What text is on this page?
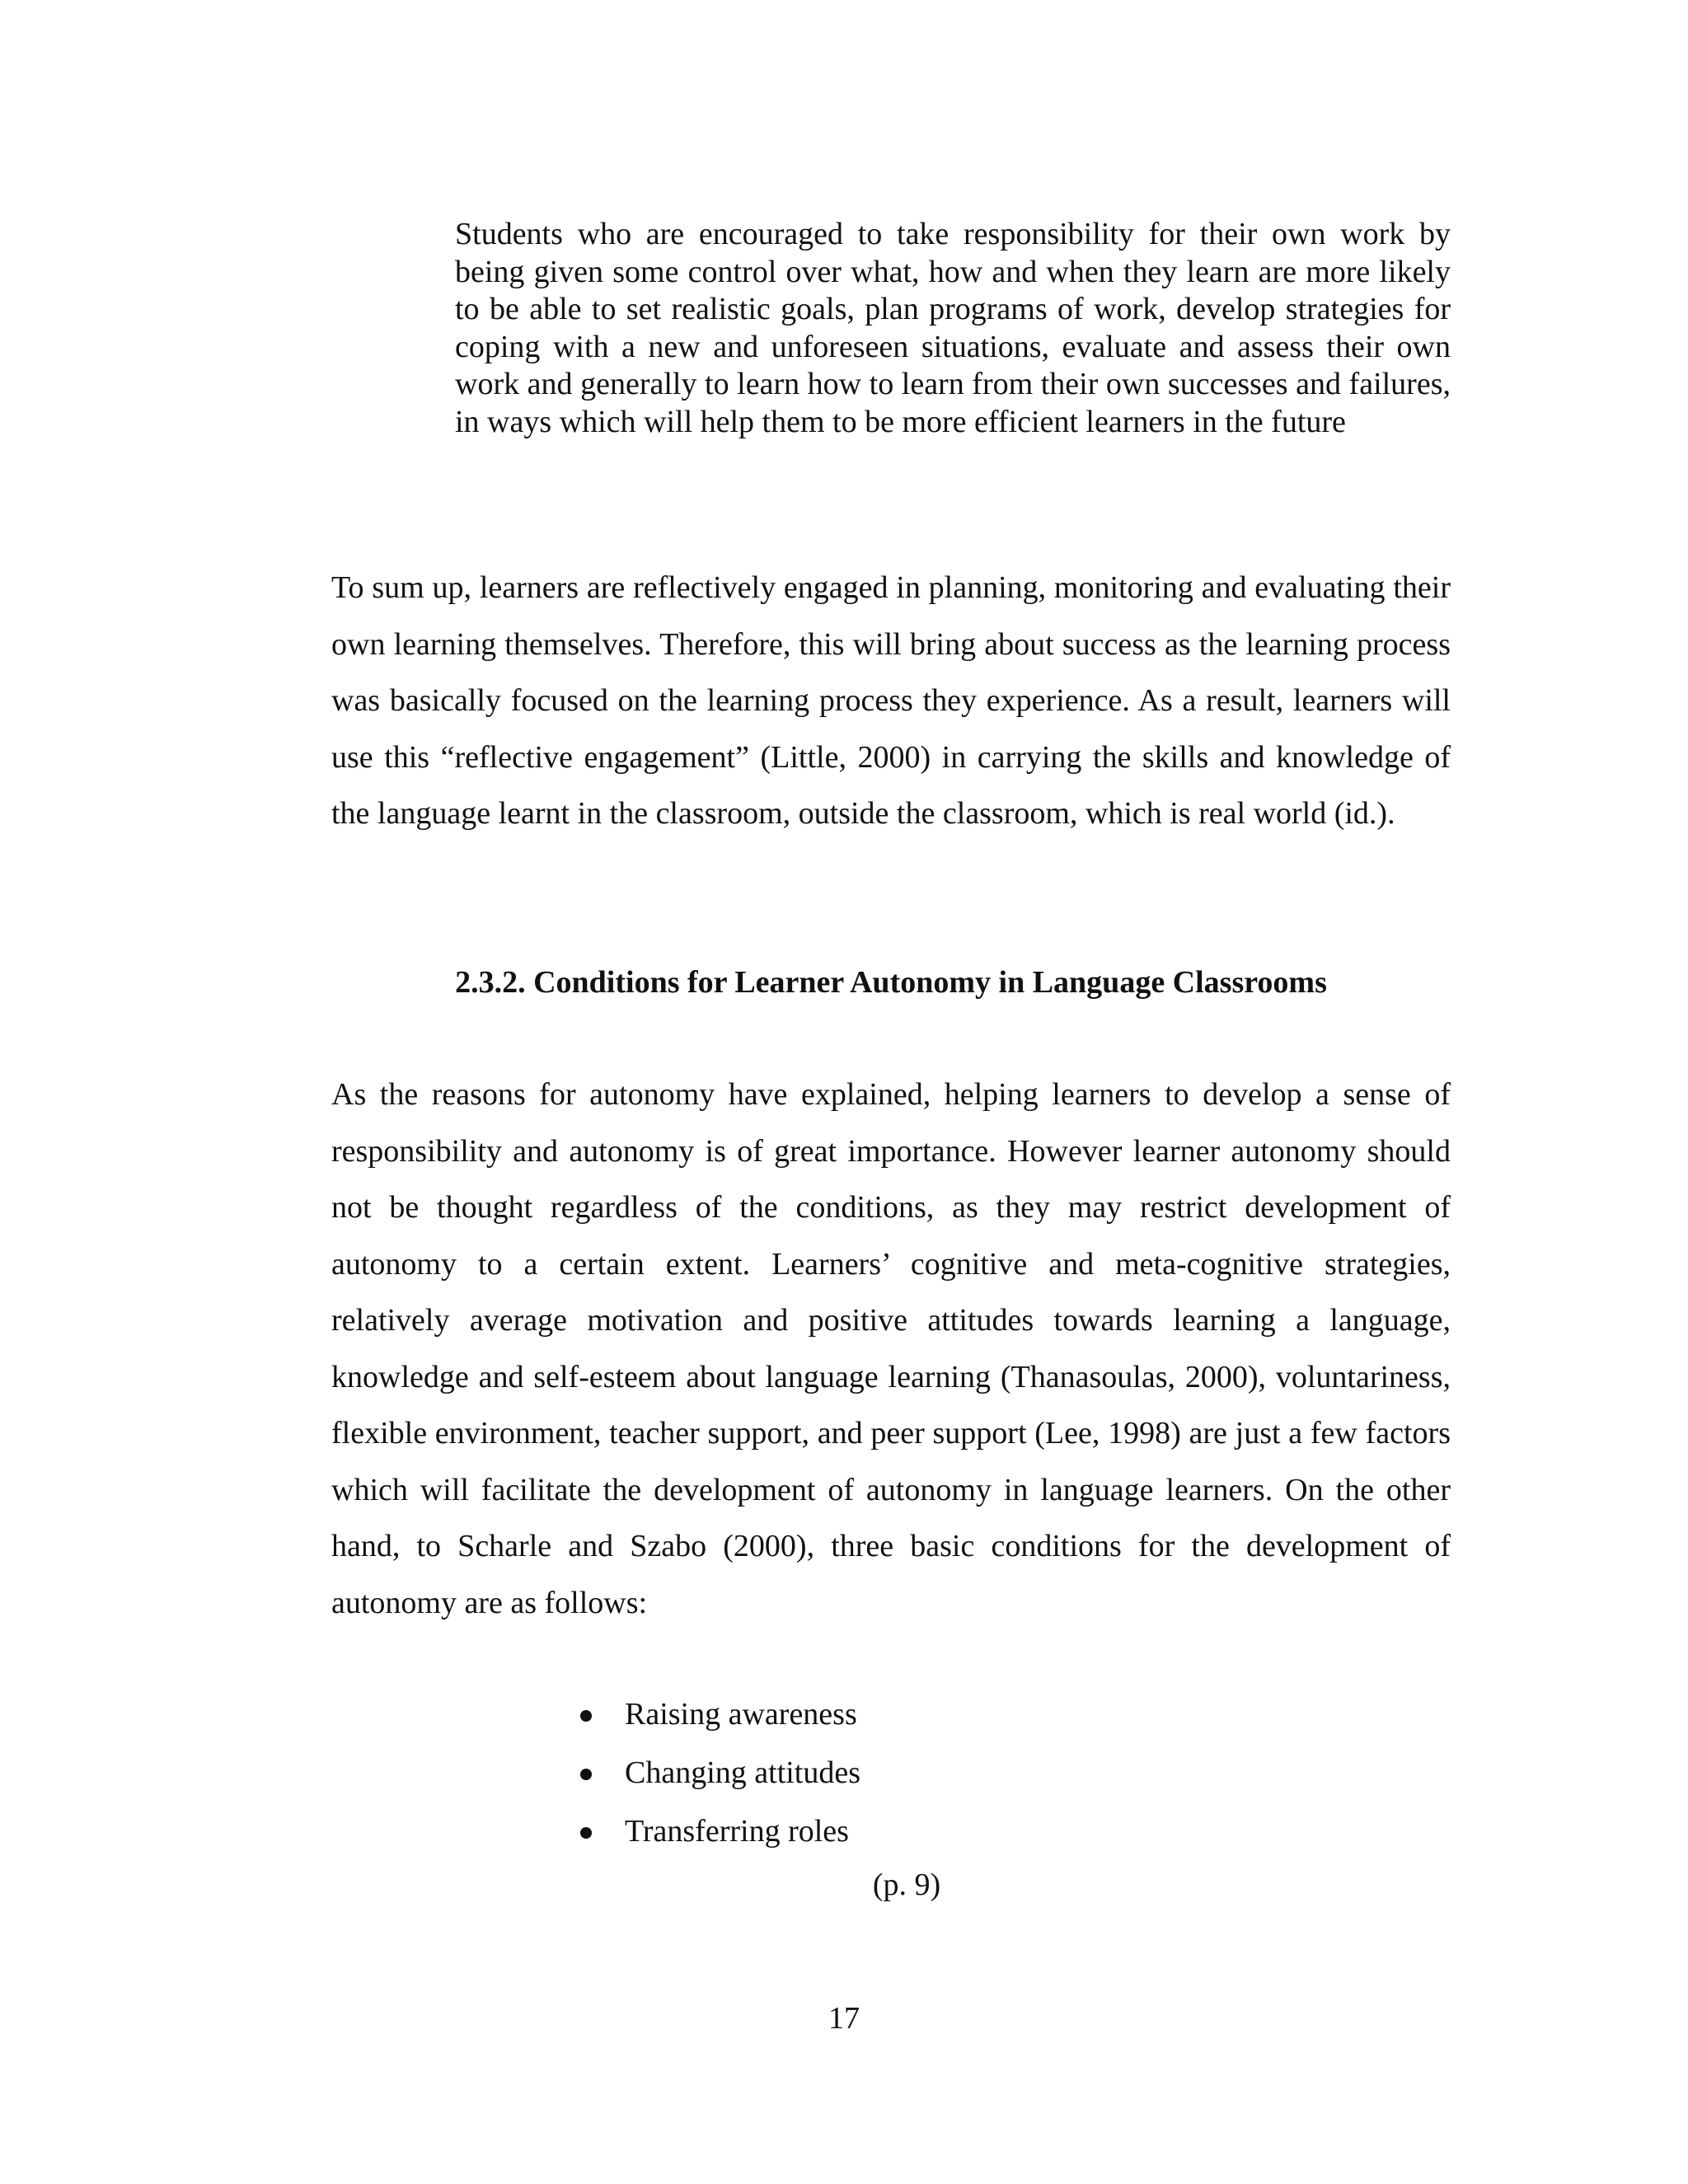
Students who are encouraged to take responsibility for their own work by being given some control over what, how and when they learn are more likely to be able to set realistic goals, plan programs of work, develop strategies for coping with a new and unforeseen situations, evaluate and assess their own work and generally to learn how to learn from their own successes and failures, in ways which will help them to be more efficient learners in the future
To sum up, learners are reflectively engaged in planning, monitoring and evaluating their own learning themselves. Therefore, this will bring about success as the learning process was basically focused on the learning process they experience. As a result, learners will use this “reflective engagement” (Little, 2000) in carrying the skills and knowledge of the language learnt in the classroom, outside the classroom, which is real world (id.).
2.3.2. Conditions for Learner Autonomy in Language Classrooms
As the reasons for autonomy have explained, helping learners to develop a sense of responsibility and autonomy is of great importance. However learner autonomy should not be thought regardless of the conditions, as they may restrict development of autonomy to a certain extent. Learners’ cognitive and meta-cognitive strategies, relatively average motivation and positive attitudes towards learning a language, knowledge and self-esteem about language learning (Thanasoulas, 2000), voluntariness, flexible environment, teacher support, and peer support (Lee, 1998) are just a few factors which will facilitate the development of autonomy in language learners. On the other hand, to Scharle and Szabo (2000), three basic conditions for the development of autonomy are as follows:
Raising awareness
Changing attitudes
Transferring roles
(p. 9)
17
